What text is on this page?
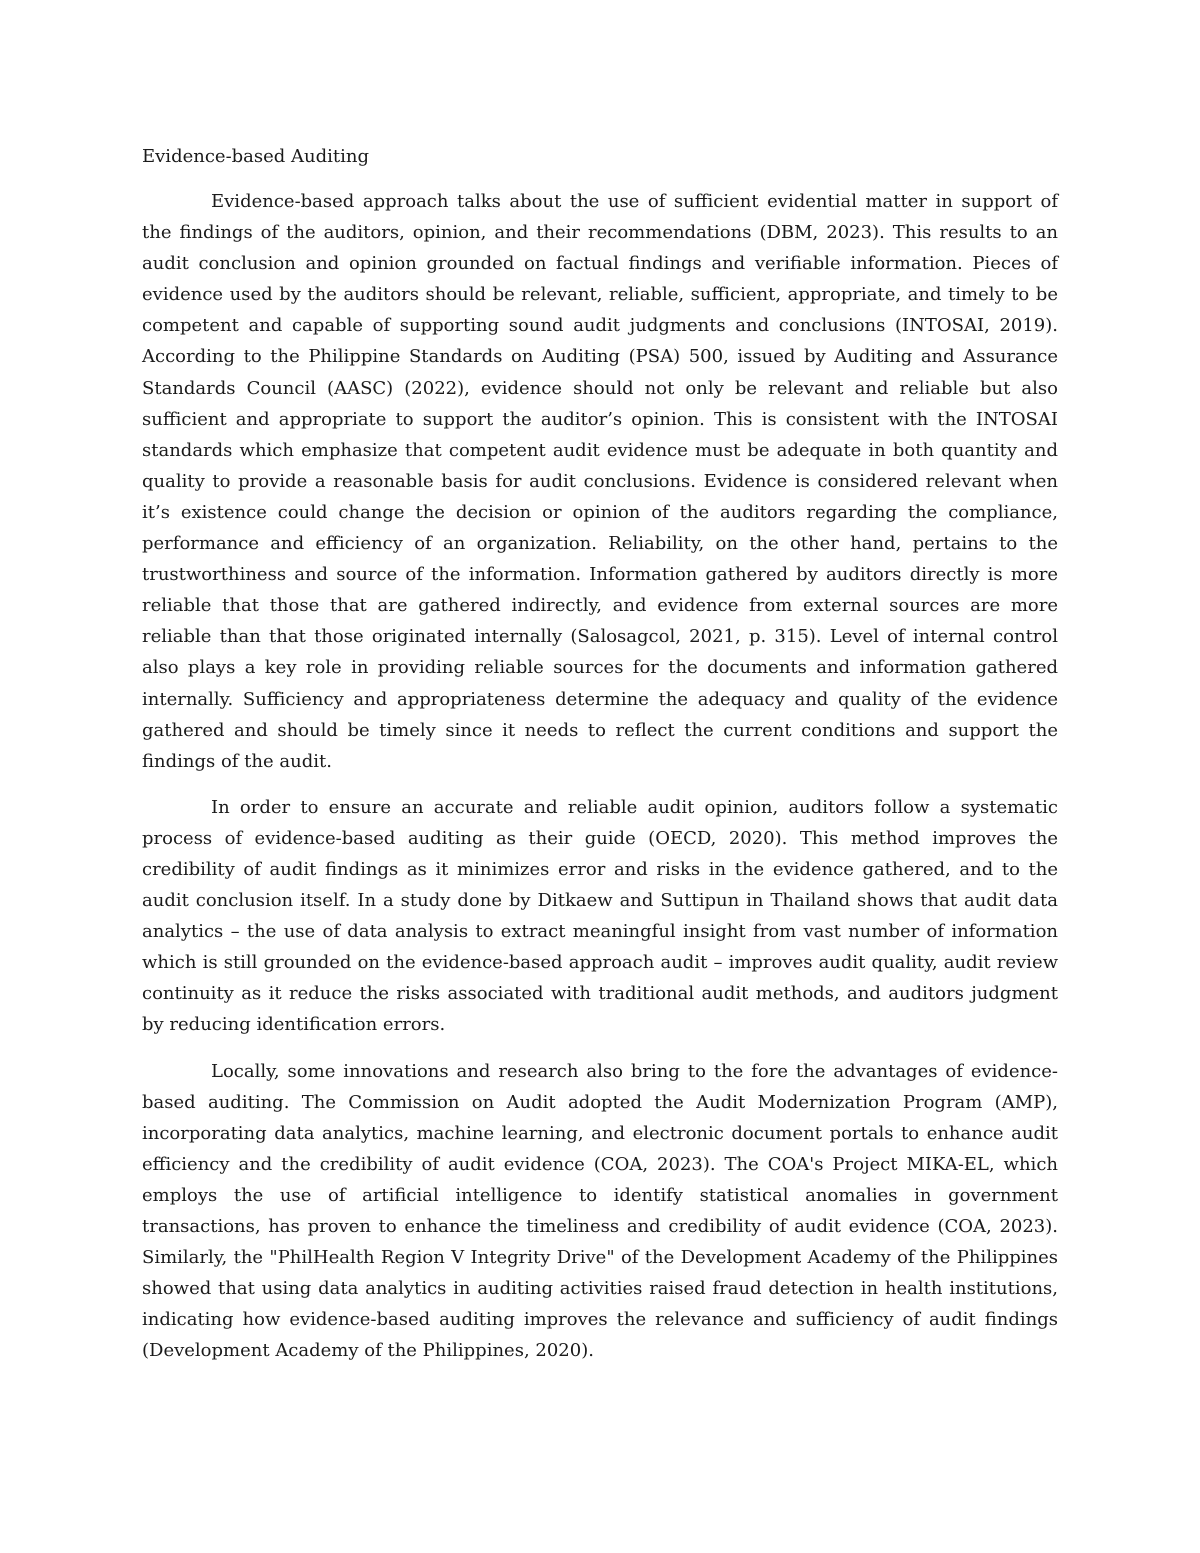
Evidence-based Auditing

Evidence-based approach talks about the use of sufficient evidential matter in support of the findings of the auditors, opinion, and their recommendations (DBM, 2023). This results to an audit conclusion and opinion grounded on factual findings and verifiable information. Pieces of evidence used by the auditors should be relevant, reliable, sufficient, appropriate, and timely to be competent and capable of supporting sound audit judgments and conclusions (INTOSAI, 2019). According to the Philippine Standards on Auditing (PSA) 500, issued by Auditing and Assurance Standards Council (AASC) (2022), evidence should not only be relevant and reliable but also sufficient and appropriate to support the auditor’s opinion. This is consistent with the INTOSAI standards which emphasize that competent audit evidence must be adequate in both quantity and quality to provide a reasonable basis for audit conclusions. Evidence is considered relevant when it’s existence could change the decision or opinion of the auditors regarding the compliance, performance and efficiency of an organization. Reliability, on the other hand, pertains to the trustworthiness and source of the information. Information gathered by auditors directly is more reliable that those that are gathered indirectly, and evidence from external sources are more reliable than that those originated internally (Salosagcol, 2021, p. 315). Level of internal control also plays a key role in providing reliable sources for the documents and information gathered internally. Sufficiency and appropriateness determine the adequacy and quality of the evidence gathered and should be timely since it needs to reflect the current conditions and support the findings of the audit.

In order to ensure an accurate and reliable audit opinion, auditors follow a systematic process of evidence-based auditing as their guide (OECD, 2020). This method improves the credibility of audit findings as it minimizes error and risks in the evidence gathered, and to the audit conclusion itself. In a study done by Ditkaew and Suttipun in Thailand shows that audit data analytics – the use of data analysis to extract meaningful insight from vast number of information which is still grounded on the evidence-based approach audit – improves audit quality, audit review continuity as it reduce the risks associated with traditional audit methods, and auditors judgment by reducing identification errors.

Locally, some innovations and research also bring to the fore the advantages of evidence-based auditing. The Commission on Audit adopted the Audit Modernization Program (AMP), incorporating data analytics, machine learning, and electronic document portals to enhance audit efficiency and the credibility of audit evidence (COA, 2023). The COA's Project MIKA-EL, which employs the use of artificial intelligence to identify statistical anomalies in government transactions, has proven to enhance the timeliness and credibility of audit evidence (COA, 2023). Similarly, the "PhilHealth Region V Integrity Drive" of the Development Academy of the Philippines showed that using data analytics in auditing activities raised fraud detection in health institutions, indicating how evidence-based auditing improves the relevance and sufficiency of audit findings (Development Academy of the Philippines, 2020).
